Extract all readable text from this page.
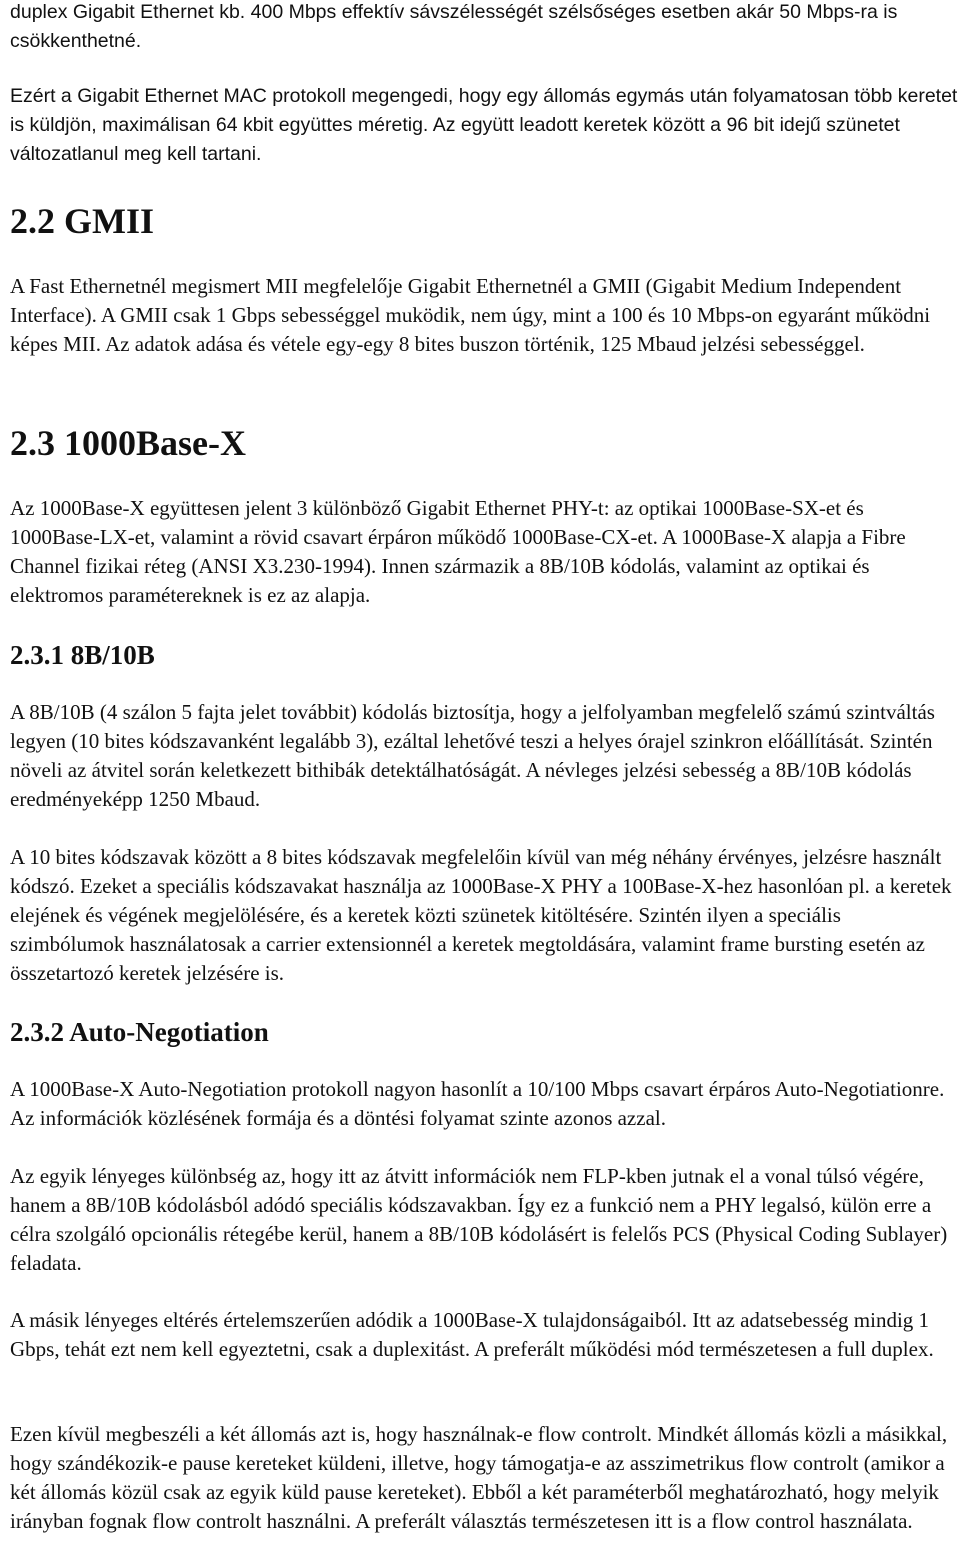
duplex Gigabit Ethernet kb. 400 Mbps effektív sávszélességét szélsőséges esetben akár 50 Mbps-ra is csökkenthetné.

Ezért a Gigabit Ethernet MAC protokoll megengedi, hogy egy állomás egymás után folyamatosan több keretet is küldjön, maximálisan 64 kbit együttes méretig. Az együtt leadott keretek között a 96 bit idejű szünetet változatlanul meg kell tartani.

2.2 GMII

A Fast Ethernetnél megismert MII megfelelője Gigabit Ethernetnél a GMII (Gigabit Medium Independent Interface). A GMII csak 1 Gbps sebességgel muködik, nem úgy, mint a 100 és 10 Mbps-on egyaránt működni képes MII. Az adatok adása és vétele egy-egy 8 bites buszon történik, 125 Mbaud jelzési sebességgel.

2.3 1000Base-X

Az 1000Base-X együttesen jelent 3 különböző Gigabit Ethernet PHY-t: az optikai 1000Base-SX-et és 1000Base-LX-et, valamint a rövid csavart érpáron működő 1000Base-CX-et. A 1000Base-X alapja a Fibre Channel fizikai réteg (ANSI X3.230-1994). Innen származik a 8B/10B kódolás, valamint az optikai és elektromos paramétereknek is ez az alapja.

2.3.1 8B/10B

A 8B/10B (4 szálon 5 fajta jelet továbbit) kódolás biztosítja, hogy a jelfolyamban megfelelő számú szintváltás legyen (10 bites kódszavanként legalább 3), ezáltal lehetővé teszi a helyes órajel szinkron előállítását. Szintén növeli az átvitel során keletkezett bithibák detektálhatóságát. A névleges jelzési sebesség a 8B/10B kódolás eredményeképp 1250 Mbaud.

A 10 bites kódszavak között a 8 bites kódszavak megfelelőin kívül van még néhány érvényes, jelzésre használt kódszó. Ezeket a speciális kódszavakat használja az 1000Base-X PHY a 100Base-X-hez hasonlóan pl. a keretek elejének és végének megjelölésére, és a keretek közti szünetek kitöltésére. Szintén ilyen a speciális szimbólumok használatosak a carrier extensionnél a keretek megtoldására, valamint frame bursting esetén az összetartozó keretek jelzésére is.

2.3.2 Auto-Negotiation

A 1000Base-X Auto-Negotiation protokoll nagyon hasonlít a 10/100 Mbps csavart érpáros Auto-Negotiationre. Az információk közlésének formája és a döntési folyamat szinte azonos azzal.

Az egyik lényeges különbség az, hogy itt az átvitt információk nem FLP-kben jutnak el a vonal túlsó végére, hanem a 8B/10B kódolásból adódó speciális kódszavakban. Így ez a funkció nem a PHY legalsó, külön erre a célra szolgáló opcionális rétegébe kerül, hanem a 8B/10B kódolásért is felelős PCS (Physical Coding Sublayer) feladata.

A másik lényeges eltérés értelemszerűen adódik a 1000Base-X tulajdonságaiból. Itt az adatsebesség mindig 1 Gbps, tehát ezt nem kell egyeztetni, csak a duplexitást. A preferált működési mód természetesen a full duplex.

Ezen kívül megbeszéli a két állomás azt is, hogy használnak-e flow controlt. Mindkét állomás közli a másikkal, hogy szándékozik-e pause kereteket küldeni, illetve, hogy támogatja-e az asszimetrikus flow controlt (amikor a két állomás közül csak az egyik küld pause kereteket). Ebből a két paraméterből meghatározható, hogy melyik irányban fognak flow controlt használni. A preferált választás természetesen itt is a flow control használata.
